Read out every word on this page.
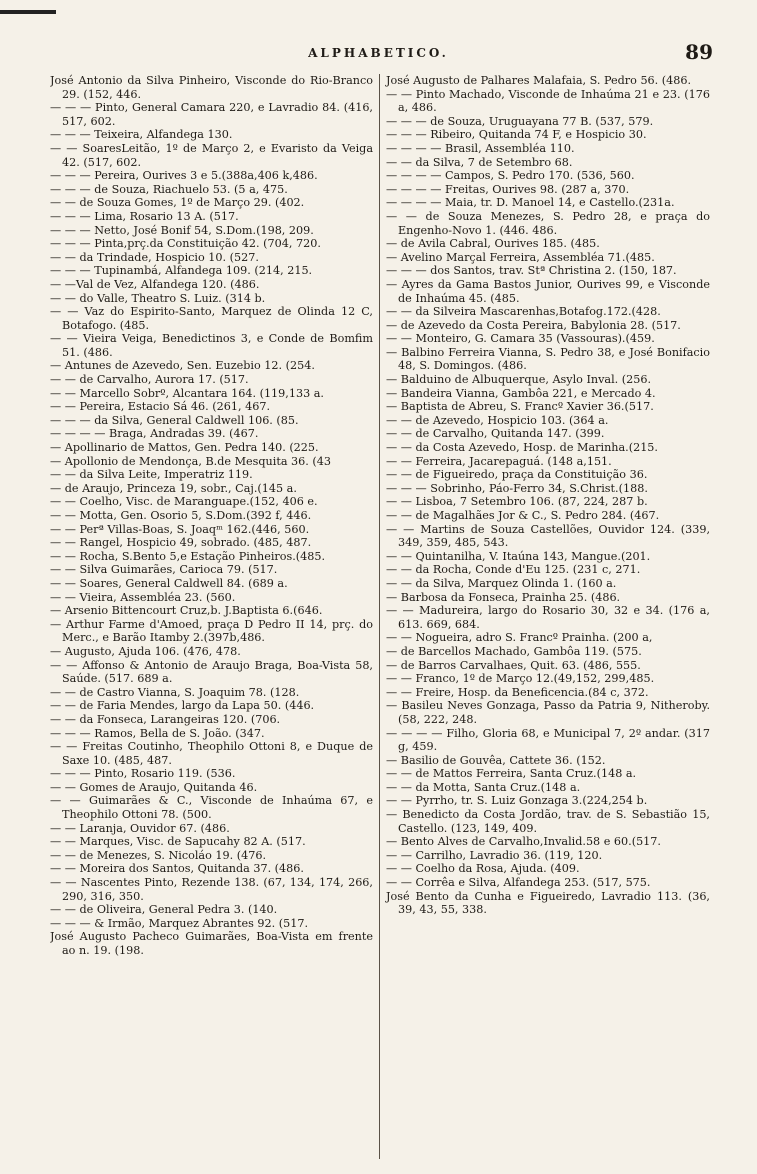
ALPHABETICO.	89

José Antonio da Silva Pinheiro, Visconde do Rio-Branco 29. (152, 446.

— — — Pinto, General Camara 220, e Lavradio 84. (416, 517, 602.

— — — Teixeira, Alfandega 130.

— — SoaresLeitão, 1º de Março 2, e Evaristo da Veiga 42. (517, 602.

— — — Pereira, Ourives 3 e 5.(388a,406 k,486.

— — — de Souza, Riachuelo 53. (5 a, 475.

— — de Souza Gomes, 1º de Março 29. (402.

— — — Lima, Rosario 13 A. (517.

— — — Netto, José Bonif 54, S.Dom.(198, 209.

— — — Pinta,prç.da Constituição 42. (704, 720.

— — da Trindade, Hospicio 10. (527.

— — — Tupinambá, Alfandega 109. (214, 215.

— —Val de Vez, Alfandega 120. (486.

— — do Valle, Theatro S. Luiz. (314 b.

— — Vaz do Espirito-Santo, Marquez de Olinda 12 C, Botafogo. (485.

— — Vieira Veiga, Benedictinos 3, e Conde de Bomfim 51. (486.

— Antunes de Azevedo, Sen. Euzebio 12. (254.

— — de Carvalho, Aurora 17. (517.

— — Marcello Sobrº, Alcantara 164. (119,133 a.

— — Pereira, Estacio Sá 46. (261, 467.

— — — da Silva, General Caldwell 106. (85.

— — — — Braga, Andradas 39. (467.

— Apollinario de Mattos, Gen. Pedra 140. (225.

— Apollonio de Mendonça, B.de Mesquita 36. (43

— — da Silva Leite, Imperatriz 119.

— de Araujo, Princeza 19, sobr., Caj.(145 a.

— — Coelho, Visc. de Maranguape.(152, 406 e.

— — Motta, Gen. Osorio 5, S.Dom.(392 f, 446.

— — Perª Villas-Boas, S. Joaqᵐ 162.(446, 560.

— — Rangel, Hospicio 49, sobrado. (485, 487.

— — Rocha, S.Bento 5,e Estação Pinheiros.(485.

— — Silva Guimarães, Carioca 79. (517.

— — Soares, General Caldwell 84. (689 a.

— — Vieira, Assembléa 23. (560.

— Arsenio Bittencourt Cruz,b. J.Baptista 6.(646.

— Arthur Farme d'Amoed, praça D Pedro II 14, prç. do Merc., e Barão Itamby 2.(397b,486.

— Augusto, Ajuda 106. (476, 478.

— — Affonso & Antonio de Araujo Braga, Boa-Vista 58, Saúde. (517. 689 a.

— — de Castro Vianna, S. Joaquim 78. (128.

— — de Faria Mendes, largo da Lapa 50. (446.

— — da Fonseca, Larangeiras 120. (706.

— — — Ramos, Bella de S. João. (347.

— — Freitas Coutinho, Theophilo Ottoni 8, e Duque de Saxe 10. (485, 487.

— — — Pinto, Rosario 119. (536.

— — Gomes de Araujo, Quitanda 46.

— — Guimarães & C., Visconde de Inhaúma 67, e Theophilo Ottoni 78. (500.

— — Laranja, Ouvidor 67. (486.

— — Marques, Visc. de Sapucahy 82 A. (517.

— — de Menezes, S. Nicoláo 19. (476.

— — Moreira dos Santos, Quitanda 37. (486.

— — Nascentes Pinto, Rezende 138. (67, 134, 174, 266, 290, 316, 350.

— — de Oliveira, General Pedra 3. (140.

— — — & Irmão, Marquez Abrantes 92. (517.

José Augusto Pacheco Guimarães, Boa-Vista em frente ao n. 19. (198.

José Augusto de Palhares Malafaia, S. Pedro 56. (486.

— — Pinto Machado, Visconde de Inhaúma 21 e 23. (176 a, 486.

— — — de Souza, Uruguayana 77 B. (537, 579.

— — — Ribeiro, Quitanda 74 F, e Hospicio 30.

— — — — Brasil, Assembléa 110.

— — da Silva, 7 de Setembro 68.

— — — — Campos, S. Pedro 170. (536, 560.

— — — — Freitas, Ourives 98. (287 a, 370.

— — — — Maia, tr. D. Manoel 14, e Castello.(231a.

— — de Souza Menezes, S. Pedro 28, e praça do Engenho-Novo 1. (446. 486.

— de Avila Cabral, Ourives 185. (485.

— Avelino Marçal Ferreira, Assembléa 71.(485.

— — — dos Santos, trav. Stª Christina 2. (150, 187.

— Ayres da Gama Bastos Junior, Ourives 99, e Visconde de Inhaúma 45. (485.

— — da Silveira Mascarenhas,Botafog.172.(428.

— de Azevedo da Costa Pereira, Babylonia 28. (517.

— — Monteiro, G. Camara 35 (Vassouras).(459.

— Balbino Ferreira Vianna, S. Pedro 38, e José Bonifacio 48, S. Domingos. (486.

— Balduino de Albuquerque, Asylo Inval. (256.

— Bandeira Vianna, Gambôa 221, e Mercado 4.

— Baptista de Abreu, S. Francº Xavier 36.(517.

— — de Azevedo, Hospicio 103. (364 a.

— — de Carvalho, Quitanda 147. (399.

— — da Costa Azevedo, Hosp. de Marinha.(215.

— — Ferreira, Jacarepaguá. (148 a,151.

— — de Figueiredo, praça da Constituição 36.

— — — Sobrinho, Páo-Ferro 34, S.Christ.(188.

— — Lisboa, 7 Setembro 106. (87, 224, 287 b.

— — de Magalhães Jor & C., S. Pedro 284. (467.

— — Martins de Souza Castellões, Ouvidor 124. (339, 349, 359, 485, 543.

— — Quintanilha, V. Itaúna 143, Mangue.(201.

— — da Rocha, Conde d'Eu 125. (231 c, 271.

— — da Silva, Marquez Olinda 1. (160 a.

— Barbosa da Fonseca, Prainha 25. (486.

— — Madureira, largo do Rosario 30, 32 e 34. (176 a, 613. 669, 684.

— — Nogueira, adro S. Francº Prainha. (200 a,

— de Barcellos Machado, Gambôa 119. (575.

— de Barros Carvalhaes, Quit. 63. (486, 555.

— — Franco, 1º de Março 12.(49,152, 299,485.

— — Freire, Hosp. da Beneficencia.(84 c, 372.

— Basileu Neves Gonzaga, Passo da Patria 9, Nitheroby. (58, 222, 248.

— — — — Filho, Gloria 68, e Municipal 7, 2º andar. (317 g, 459.

— Basilio de Gouvêa, Cattete 36. (152.

— — de Mattos Ferreira, Santa Cruz.(148 a.

— — da Motta, Santa Cruz.(148 a.

— — Pyrrho, tr. S. Luiz Gonzaga 3.(224,254 b.

— Benedicto da Costa Jordão, trav. de S. Sebastião 15, Castello. (123, 149, 409.

— Bento Alves de Carvalho,Invalid.58 e 60.(517.

— — Carrilho, Lavradio 36. (119, 120.

— — Coelho da Rosa, Ajuda. (409.

— — Corrêa e Silva, Alfandega 253. (517, 575.

José Bento da Cunha e Figueiredo, Lavradio 113. (36, 39, 43, 55, 338.
